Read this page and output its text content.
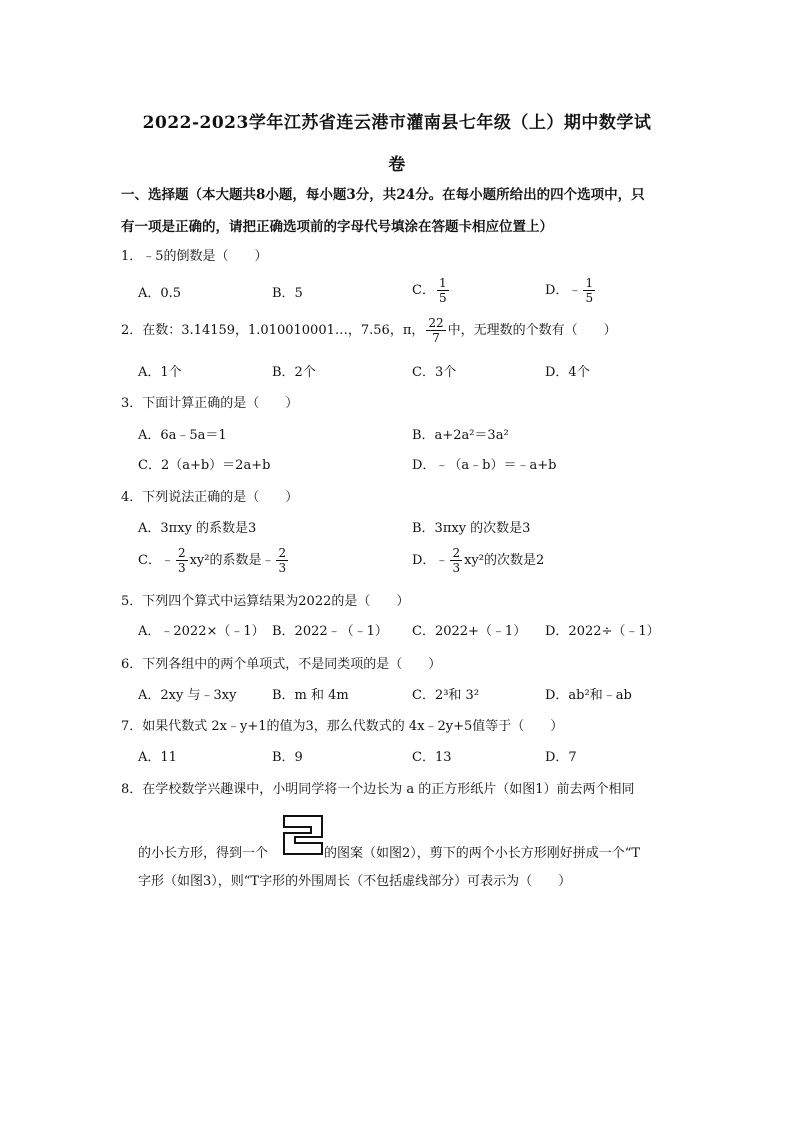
2022-2023学年江苏省连云港市灌南县七年级（上）期中数学试
卷
一、选择题（本大题共8小题，每小题3分，共24分。在每小题所给出的四个选项中，只
有一项是正确的，请把正确选项前的字母代号填涂在答题卡相应位置上）
1．﹣5的倒数是（　　）
A．0.5	B．5	C． $\frac{1}{5}$	D．﹣ $\frac{1}{5}$
2．在数：3.14159，1.010010001…，7.56，π， $\frac{22}{7}$ 中，无理数的个数有（　　）
A．1个	B．2个	C．3个	D．4个
3．下面计算正确的是（　　）
A．6a﹣5a＝1	B．a+2a²＝3a²
C．2（a+b）＝2a+b	D．﹣（a﹣b）＝﹣a+b
4．下列说法正确的是（　　）
A．3πxy 的系数是3	B．3πxy 的次数是3
C．﹣ $\frac{2}{3} xy^2$的系数是﹣ $\frac{2}{3}$	D．﹣ $\frac{2}{3} xy^2$的次数是2
5．下列四个算式中运算结果为2022的是（　　）
A．﹣2022×（﹣1） B．2022﹣（﹣1） C．2022+（﹣1） D．2022÷（﹣1）
6．下列各组中的两个单项式，不是同类项的是（　　）
A．2xy 与﹣3xy	B．m 和 4m	C．2³和 3²	D．ab²和﹣ab
7．如果代数式 2x﹣y+1的值为3，那么代数式的 4x﹣2y+5值等于（　　）
A．11	B．9	C．13	D．7
8．在学校数学兴趣课中，小明同学将一个边长为 a 的正方形纸片（如图1）前去两个相同
的小长方形，得到一个	的图案（如图2），剪下的两个小长方形刚好拼成一个“T
字形（如图3），则“T字形的外围周长（不包括虚线部分）可表示为（　　）
